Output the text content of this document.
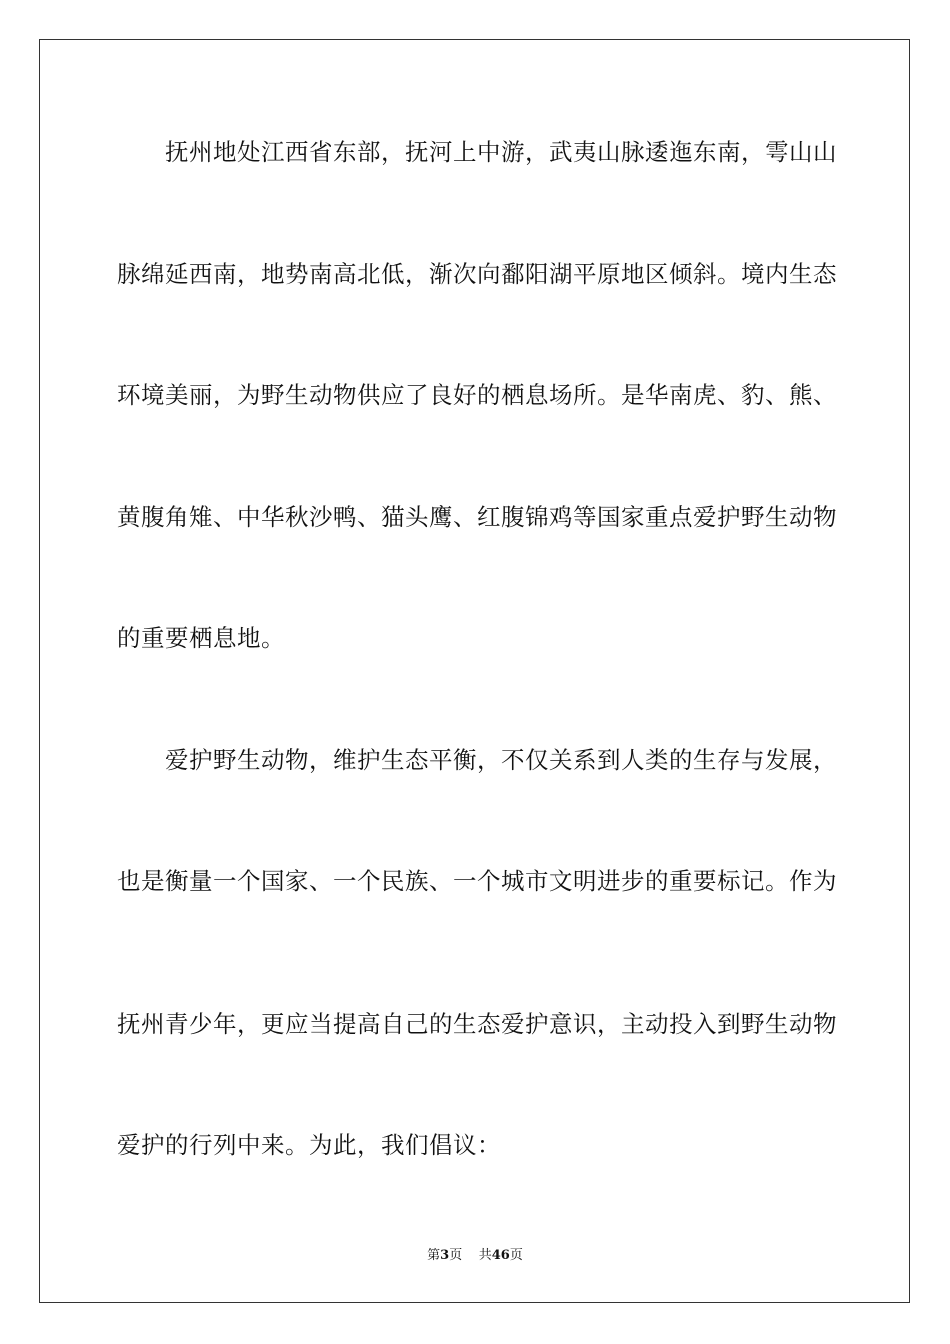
抚州地处江西省东部，抚河上中游，武夷山脉逶迤东南，雩山山
脉绵延西南，地势南高北低，渐次向鄱阳湖平原地区倾斜。境内生态
环境美丽，为野生动物供应了良好的栖息场所。是华南虎、豹、熊、
黄腹角雉、中华秋沙鸭、猫头鹰、红腹锦鸡等国家重点爱护野生动物
的重要栖息地。
爱护野生动物，维护生态平衡，不仅关系到人类的生存与发展，
也是衡量一个国家、一个民族、一个城市文明进步的重要标记。作为
抚州青少年，更应当提高自己的生态爱护意识，主动投入到野生动物
爱护的行列中来。为此，我们倡议：
第3页 共46页
